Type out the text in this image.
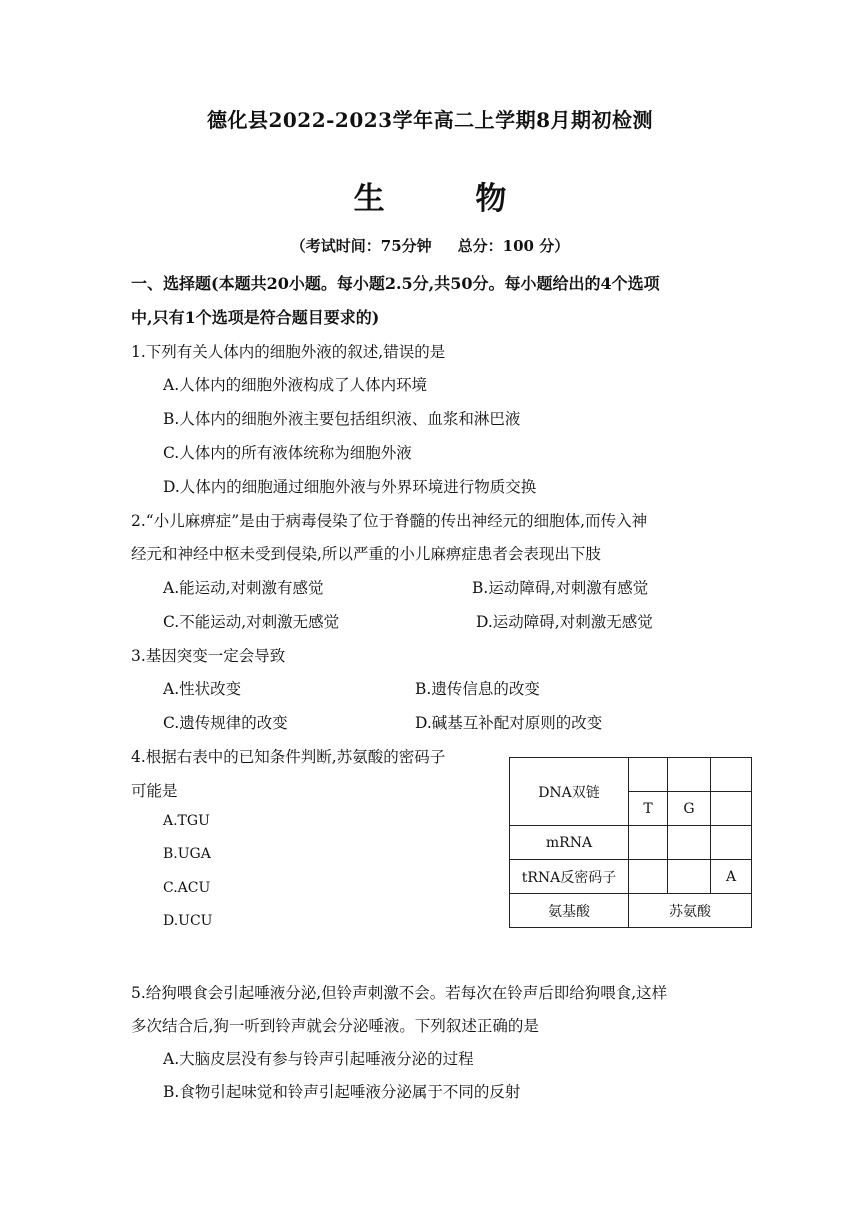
德化县2022-2023学年高二上学期8月期初检测
生 物
（考试时间：75分钟 总分：100 分）
一、选择题(本题共20小题。每小题2.5分,共50分。每小题给出的4个选项
中,只有1个选项是符合题目要求的)
1.下列有关人体内的细胞外液的叙述,错误的是
A.人体内的细胞外液构成了人体内环境
B.人体内的细胞外液主要包括组织液、血浆和淋巴液
C.人体内的所有液体统称为细胞外液
D.人体内的细胞通过细胞外液与外界环境进行物质交换
2.“小儿麻痹症”是由于病毒侵染了位于脊髓的传出神经元的细胞体,而传入神
经元和神经中枢未受到侵染,所以严重的小儿麻痹症患者会表现出下肢
A.能运动,对刺激有感觉	B.运动障碍,对刺激有感觉
C.不能运动,对刺激无感觉	D.运动障碍,对刺激无感觉
3.基因突变一定会导致
A.性状改变	B.遗传信息的改变
C.遗传规律的改变	D.碱基互补配对原则的改变
4.根据右表中的已知条件判断,苏氨酸的密码子
可能是
A.TGU
B.UGA
C.ACU
D.UCU
DNA双链			
	T	G	
mRNA			
tRNA反密码子			A
氨基酸	苏氨酸		
5.给狗喂食会引起唾液分泌,但铃声刺激不会。若每次在铃声后即给狗喂食,这样
多次结合后,狗一听到铃声就会分泌唾液。下列叙述正确的是
A.大脑皮层没有参与铃声引起唾液分泌的过程
B.食物引起味觉和铃声引起唾液分泌属于不同的反射
